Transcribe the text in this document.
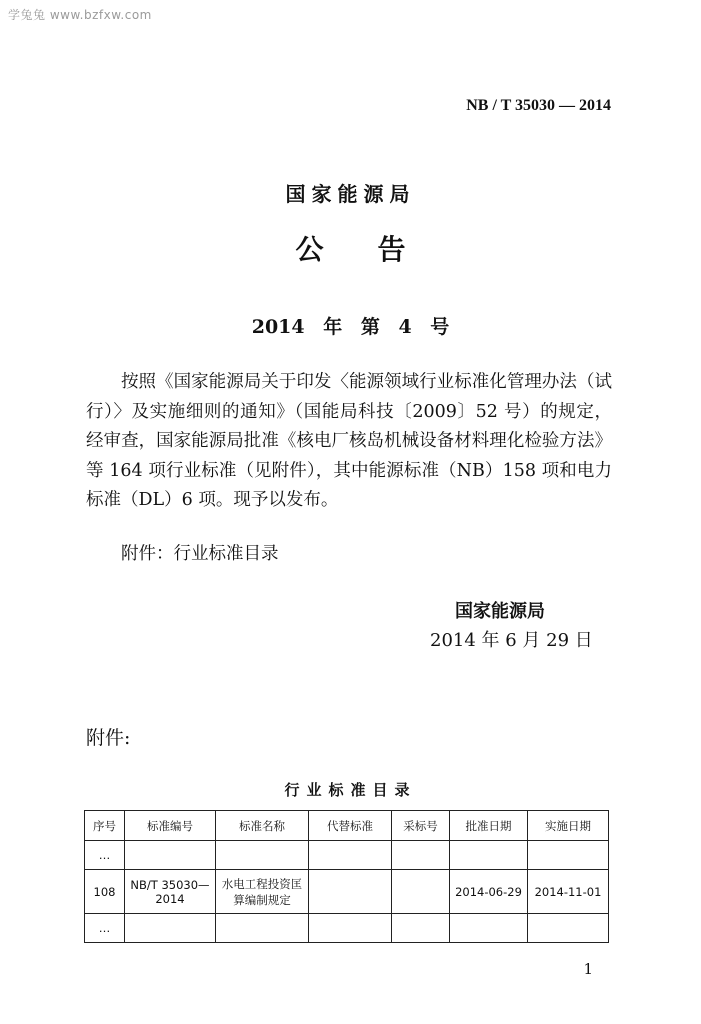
学兔兔 www.bzfxw.com
NB / T 35030 — 2014
国家能源局
公告
2014 年 第 4 号
按照《国家能源局关于印发〈能源领域行业标准化管理办法（试行）〉及实施细则的通知》（国能局科技〔2009〕52 号）的规定，经审查，国家能源局批准《核电厂核岛机械设备材料理化检验方法》等 164 项行业标准（见附件），其中能源标准（NB）158 项和电力标准（DL）6 项。现予以发布。
附件：行业标准目录
国家能源局
2014 年 6 月 29 日
附件:
行业标准目录
序号	标准编号	标准名称	代替标准	采标号	批准日期	实施日期
…						
108	NB/T 35030—2014	水电工程投资匡算编制规定			2014-06-29	2014-11-01
…						
1
